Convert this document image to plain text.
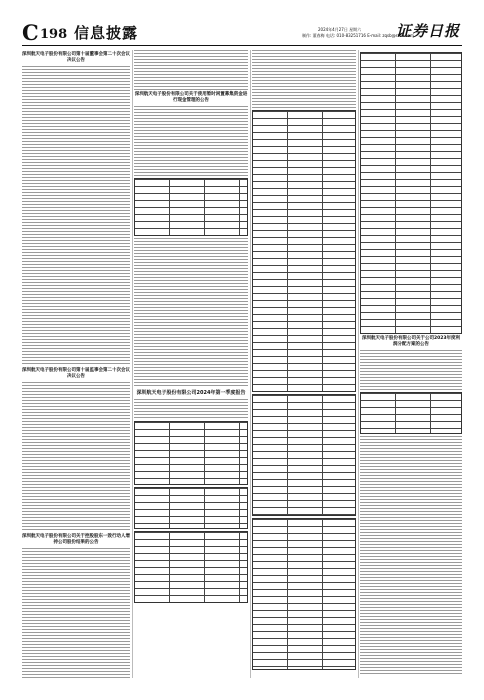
C 198 信息披露	2024年4月27日 星期六
制作: 董春梅 电话: 010-83251716 E-mail: zqsb@stcn.com
证券日报
深圳航天电子股份有限公司第十届董事会第二十次会议决议公告
深圳航天电子股份有限公司第十届监事会第二十次会议决议公告
深圳航天电子股份有限公司关于控股股东一致行动人增持公司股份结果的公告
深圳航天电子股份有限公司关于使用暂时闲置募集资金进行现金管理的公告
深圳航天电子股份有限公司2024年第一季度报告
深圳航天电子股份有限公司关于公司2023年度利润分配方案的公告
